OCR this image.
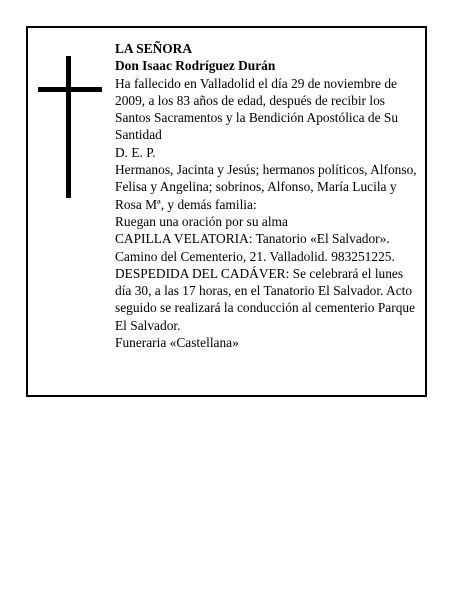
LA SEÑORA

Don Isaac Rodríguez Durán

Ha fallecido en Valladolid el día 29 de noviembre de 2009, a los 83 años de edad, después de recibir los Santos Sacramentos y la Bendición Apostólica de Su Santidad

D. E. P.

Hermanos, Jacinta y Jesús; hermanos políticos, Alfonso, Felisa y Angelina; sobrinos, Alfonso, María Lucila y Rosa Mª, y demás familia:

Ruegan una oración por su alma

CAPILLA VELATORIA: Tanatorio «El Salvador». Camino del Cementerio, 21. Valladolid. 983251225.

DESPEDIDA DEL CADÁVER: Se celebrará el lunes día 30, a las 17 horas, en el Tanatorio El Salvador. Acto seguido se realizará la conducción al cementerio Parque El Salvador.

Funeraria «Castellana»
